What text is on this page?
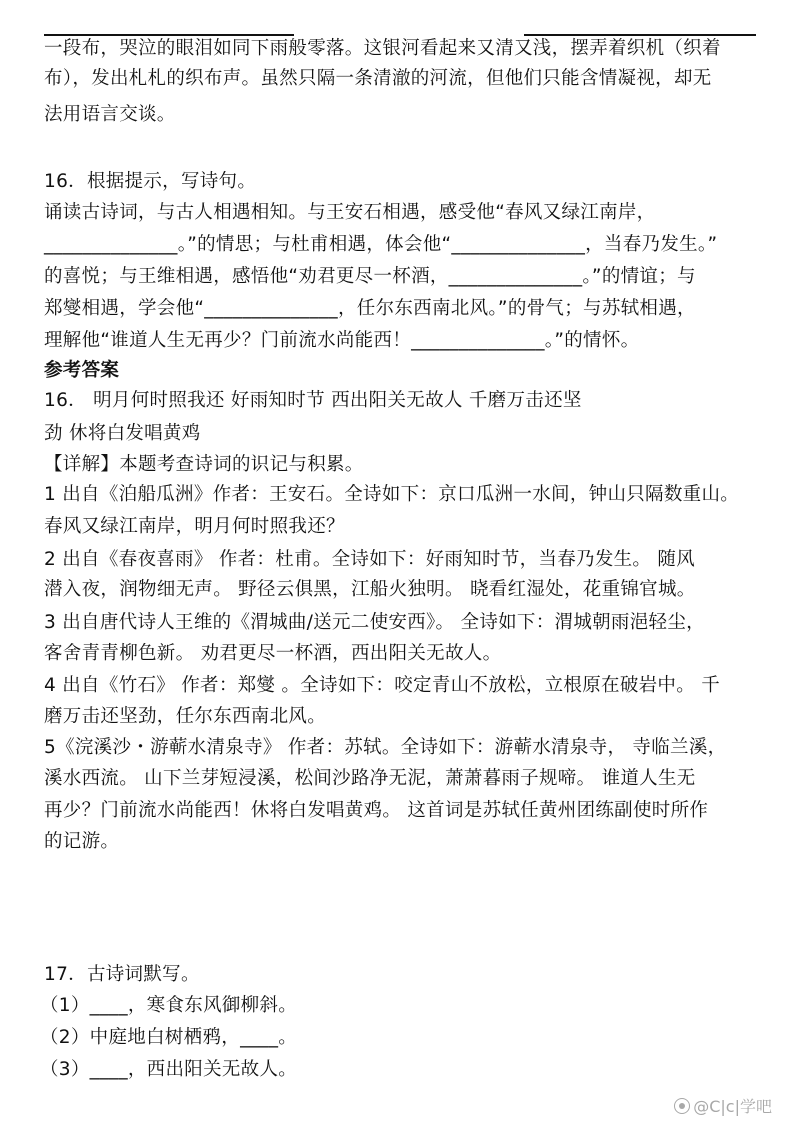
一段布，哭泣的眼泪如同下雨般零落。这银河看起来又清又浅，摆弄着织机（织着
布），发出札札的织布声。虽然只隔一条清澈的河流，但他们只能含情凝视，却无
法用语言交谈。
16．根据提示，写诗句。
诵读古诗词，与古人相遇相知。与王安石相遇，感受他“春风又绿江南岸，
______________。”的情思；与杜甫相遇，体会他“______________，当春乃发生。”
的喜悦；与王维相遇，感悟他“劝君更尽一杯酒，______________。”的情谊；与
郑燮相遇，学会他“______________，任尔东西南北风。”的骨气；与苏轼相遇，
理解他“谁道人生无再少？门前流水尚能西！______________。”的情怀。
参考答案
16． 明月何时照我还 好雨知时节 西出阳关无故人 千磨万击还坚
劲 休将白发唱黄鸡
【详解】本题考查诗词的识记与积累。
1 出自《泊船瓜洲》作者：王安石。全诗如下：京口瓜洲一水间，钟山只隔数重山。
春风又绿江南岸，明月何时照我还？
2 出自《春夜喜雨》 作者：杜甫。全诗如下：好雨知时节，当春乃发生。 随风
潜入夜，润物细无声。 野径云俱黑，江船火独明。 晓看红湿处，花重锦官城。
3 出自唐代诗人王维的《渭城曲/送元二使安西》。 全诗如下：渭城朝雨浥轻尘，
客舍青青柳色新。 劝君更尽一杯酒，西出阳关无故人。
4 出自《竹石》 作者：郑燮 。全诗如下：咬定青山不放松，立根原在破岩中。 千
磨万击还坚劲，任尔东西南北风。
5《浣溪沙・游蕲水清泉寺》 作者：苏轼。全诗如下：游蕲水清泉寺， 寺临兰溪，
溪水西流。 山下兰芽短浸溪，松间沙路净无泥，萧萧暮雨子规啼。 谁道人生无
再少？门前流水尚能西！休将白发唱黄鸡。 这首词是苏轼任黄州团练副使时所作
的记游。
17．古诗词默写。
（1）____，寒食东风御柳斜。
（2）中庭地白树栖鸦，____。
（3）____，西出阳关无故人。
@C|c|学吧
